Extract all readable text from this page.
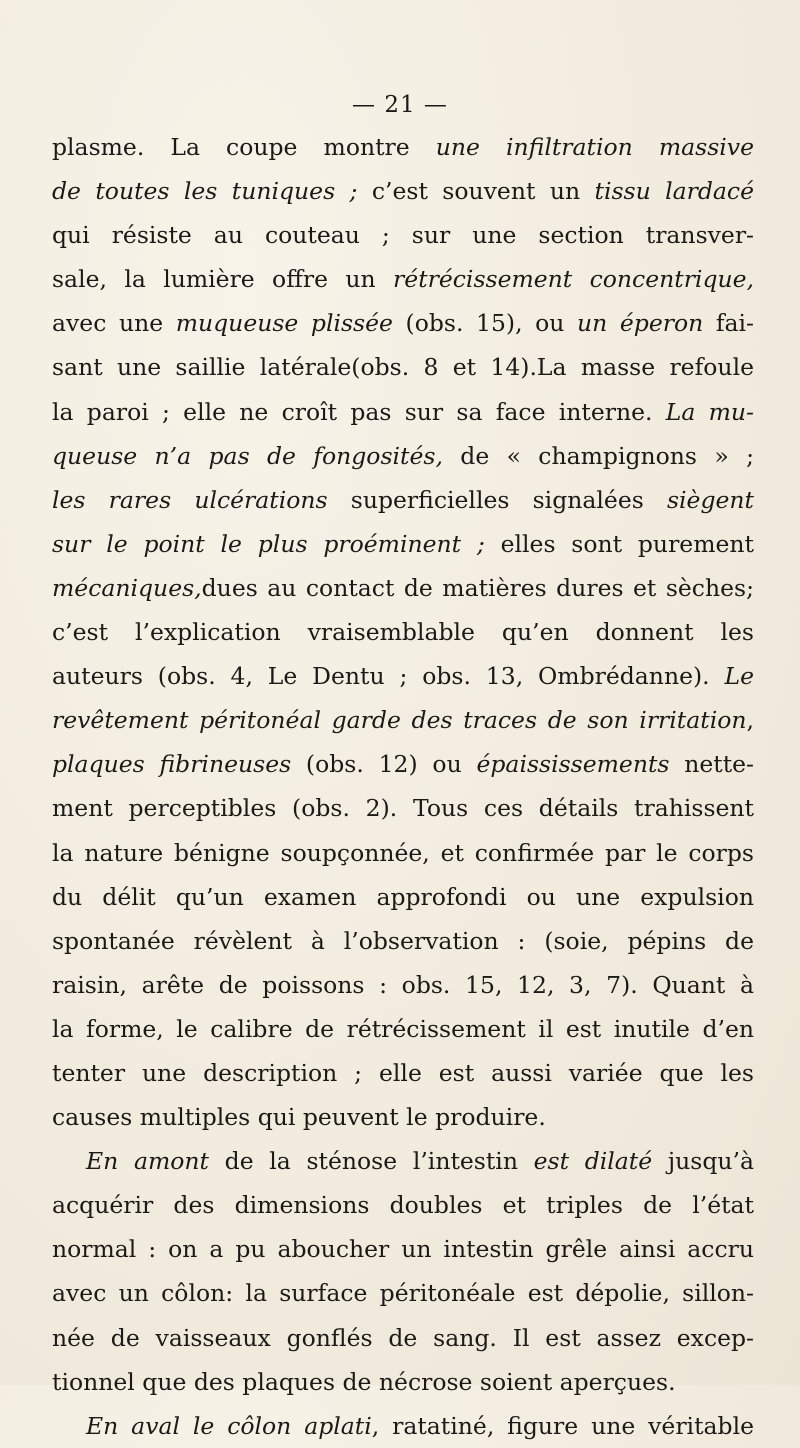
— 21 —
plasme. La coupe montre une infiltration massive
de toutes les tuniques ; c’est souvent un tissu lardacé
qui résiste au couteau ; sur une section transver-
sale, la lumière offre un rétrécissement concentrique,
avec une muqueuse plissée (obs. 15), ou un éperon fai-
sant une saillie latérale(obs. 8 et 14).La masse refoule
la paroi ; elle ne croît pas sur sa face interne. La mu-
queuse n’a pas de fongosités, de « champignons » ;
les rares ulcérations superficielles signalées siègent
sur le point le plus proéminent ; elles sont purement
mécaniques,dues au contact de matières dures et sèches;
c’est l’explication vraisemblable qu’en donnent les
auteurs (obs. 4, Le Dentu ; obs. 13, Ombrédanne). Le
revêtement péritonéal garde des traces de son irritation,
plaques fibrineuses (obs. 12) ou épaississements nette-
ment perceptibles (obs. 2). Tous ces détails trahissent
la nature bénigne soupçonnée, et confirmée par le corps
du délit qu’un examen approfondi ou une expulsion
spontanée révèlent à l’observation : (soie, pépins de
raisin, arête de poissons : obs. 15, 12, 3, 7). Quant à
la forme, le calibre de rétrécissement il est inutile d’en
tenter une description ; elle est aussi variée que les
causes multiples qui peuvent le produire.
En amont de la sténose l’intestin est dilaté jusqu’à
acquérir des dimensions doubles et triples de l’état
normal : on a pu aboucher un intestin grêle ainsi accru
avec un côlon: la surface péritonéale est dépolie, sillon-
née de vaisseaux gonflés de sang. Il est assez excep-
tionnel que des plaques de nécrose soient aperçues.
En aval le côlon aplati, ratatiné, figure une véritable
